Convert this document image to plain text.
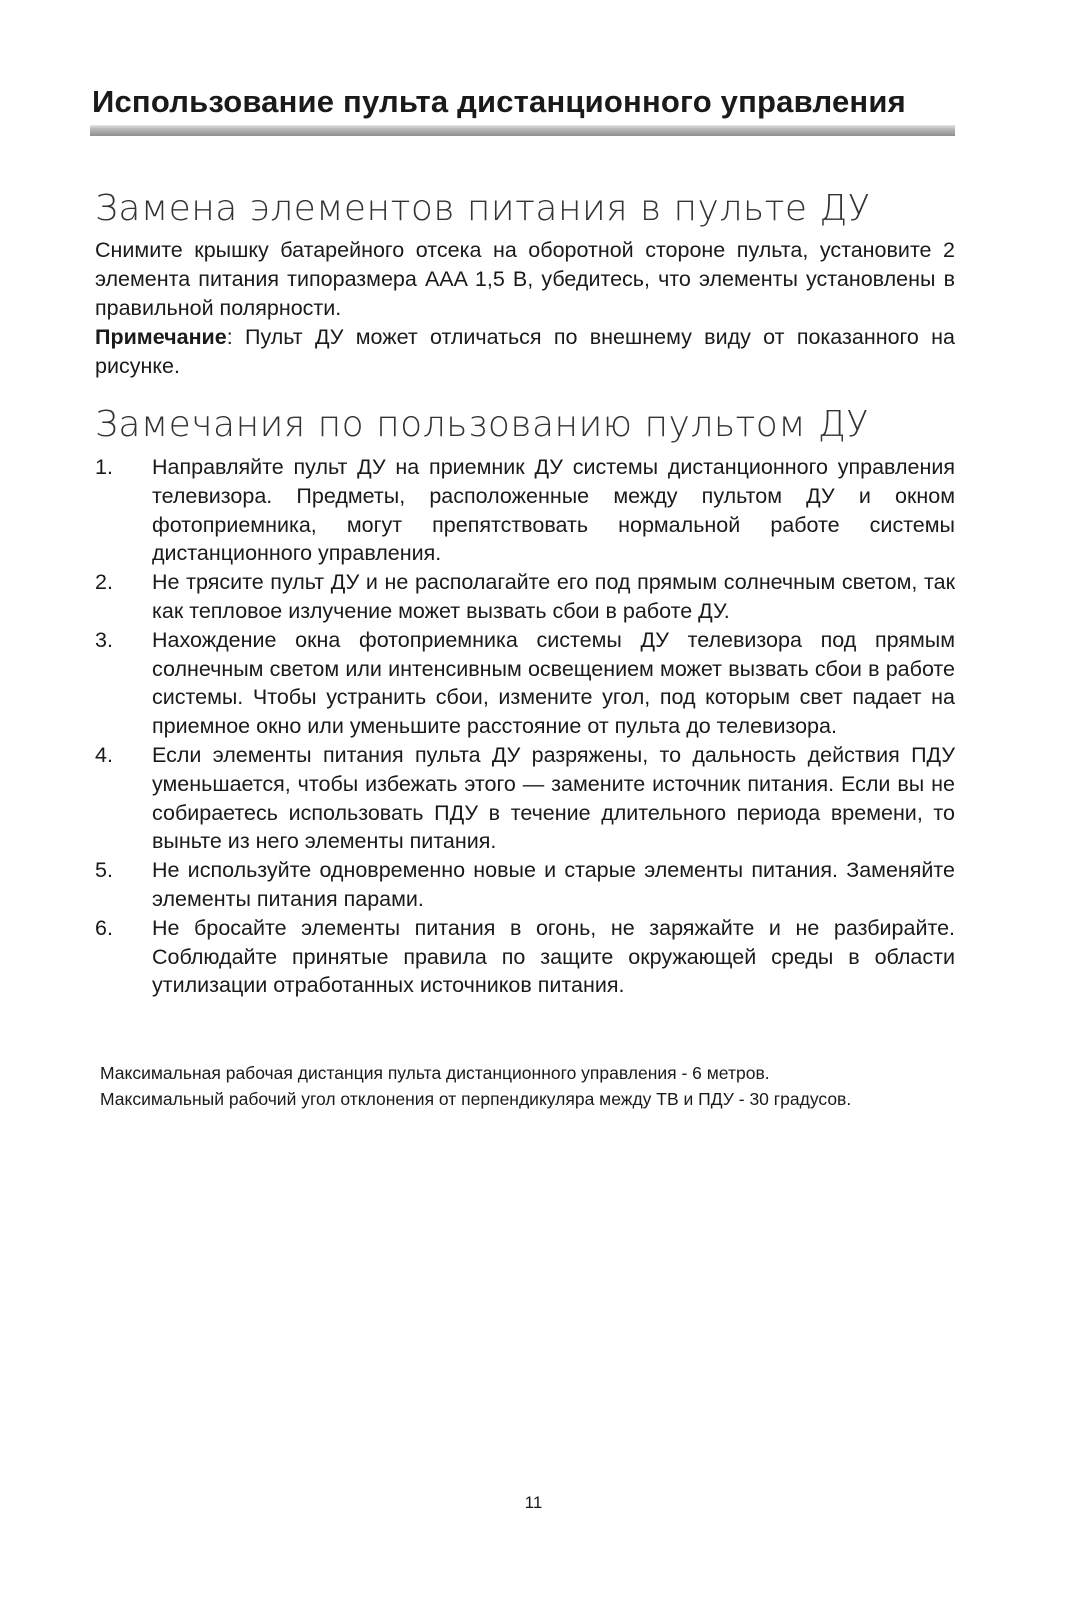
Использование пульта дистанционного управления
Замена элементов питания в пульте ДУ

Снимите крышку батарейного отсека на оборотной стороне пульта, установите 2 элемента питания типоразмера AAA 1,5 В, убедитесь, что элементы установлены в правильной полярности.

Примечание: Пульт ДУ может отличаться по внешнему виду от показанного на рисунке.

Замечания по пользованию пультом ДУ
1.	Направляйте пульт ДУ на приемник ДУ системы дистанционного управления телевизора. Предметы, расположенные между пультом ДУ и окном фотоприемника, могут препятствовать нормальной работе системы дистанционного управления.
2.	Не трясите пульт ДУ и не располагайте его под прямым солнечным светом, так как тепловое излучение может вызвать сбои в работе ДУ.
3.	Нахождение окна фотоприемника системы ДУ телевизора под прямым солнечным светом или интенсивным освещением может вызвать сбои в работе системы. Чтобы устранить сбои, измените угол, под которым свет падает на приемное окно или уменьшите расстояние от пульта до телевизора.
4.	Если элементы питания пульта ДУ разряжены, то дальность действия ПДУ уменьшается, чтобы избежать этого — замените источник питания. Если вы не собираетесь использовать ПДУ в течение длительного периода времени, то выньте из него элементы питания.
5.	Не используйте одновременно новые и старые элементы питания. Заменяйте элементы питания парами.
6.	Не бросайте элементы питания в огонь, не заряжайте и не разбирайте. Соблюдайте принятые правила по защите окружающей среды в области утилизации отработанных источников питания.

Максимальная рабочая дистанция пульта дистанционного управления - 6 метров.

Максимальный рабочий угол отклонения от перпендикуляра между ТВ и ПДУ - 30 градусов.

11
